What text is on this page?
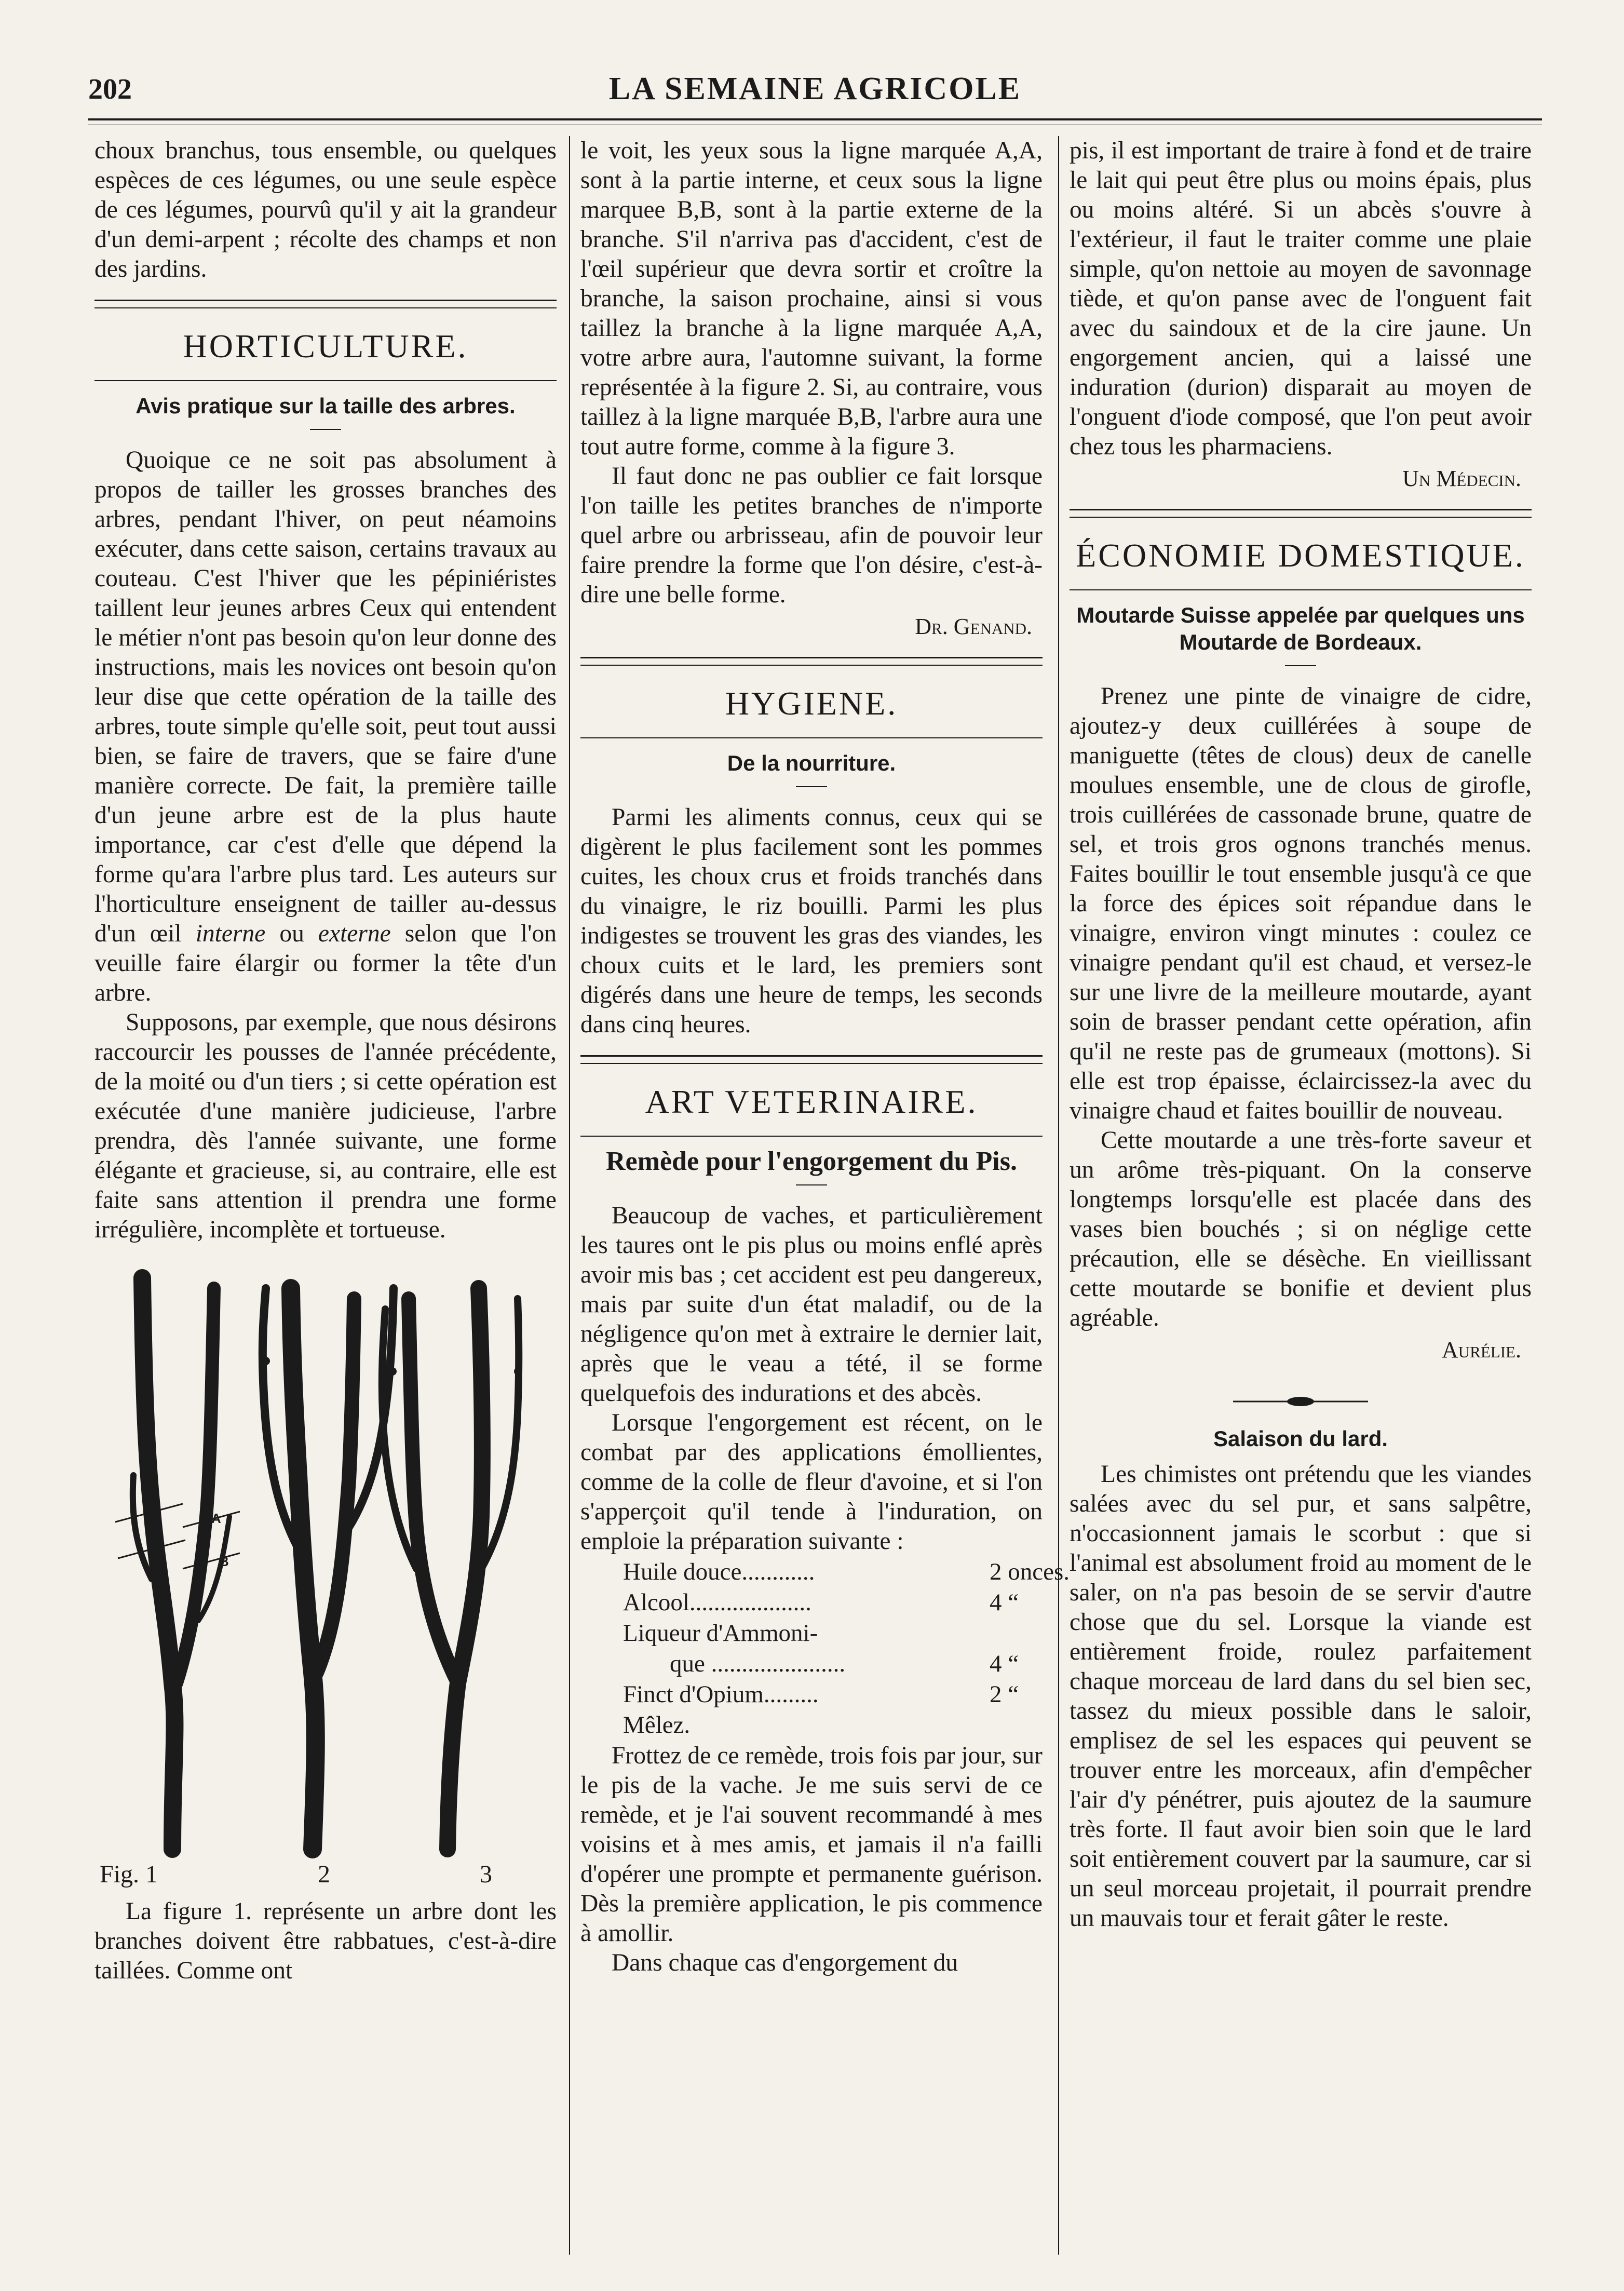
202	LA SEMAINE AGRICOLE

choux branchus, tous ensemble, ou quelques espèces de ces légumes, ou une seule espèce de ces légumes, pourvû qu'il y ait la grandeur d'un demi-arpent ; récolte des champs et non des jardins.

HORTICULTURE.
Avis pratique sur la taille des arbres.

Quoique ce ne soit pas absolument à propos de tailler les grosses branches des arbres, pendant l'hiver, on peut néamoins exécuter, dans cette saison, certains travaux au couteau. C'est l'hiver que les pépiniéristes taillent leur jeunes arbres Ceux qui entendent le métier n'ont pas besoin qu'on leur donne des instructions, mais les novices ont besoin qu'on leur dise que cette opération de la taille des arbres, toute simple qu'elle soit, peut tout aussi bien, se faire de travers, que se faire d'une manière correcte. De fait, la première taille d'un jeune arbre est de la plus haute importance, car c'est d'elle que dépend la forme qu'ara l'arbre plus tard. Les auteurs sur l'horticulture enseignent de tailler au-dessus d'un œil interne ou externe selon que l'on veuille faire élargir ou former la tête d'un arbre.

Supposons, par exemple, que nous désirons raccourcir les pousses de l'année précédente, de la moité ou d'un tiers ; si cette opération est exécutée d'une manière judicieuse, l'arbre prendra, dès l'année suivante, une forme élégante et gracieuse, si, au contraire, elle est faite sans attention il prendra une forme irrégulière, incomplète et tortueuse.

A
A
B
B
Fig. 1	2	3

La figure 1. représente un arbre dont les branches doivent être rabbatues, c'est-à-dire taillées. Comme ont

le voit, les yeux sous la ligne marquée A,A, sont à la partie interne, et ceux sous la ligne marquee B,B, sont à la partie externe de la branche. S'il n'arriva pas d'accident, c'est de l'œil supérieur que devra sortir et croître la branche, la saison prochaine, ainsi si vous taillez la branche à la ligne marquée A,A, votre arbre aura, l'automne suivant, la forme représentée à la figure 2. Si, au contraire, vous taillez à la ligne marquée B,B, l'arbre aura une tout autre forme, comme à la figure 3.

Il faut donc ne pas oublier ce fait lorsque l'on taille les petites branches de n'importe quel arbre ou arbrisseau, afin de pouvoir leur faire prendre la forme que l'on désire, c'est-à-dire une belle forme.

Dr. Genand.
HYGIENE.
De la nourriture.

Parmi les aliments connus, ceux qui se digèrent le plus facilement sont les pommes cuites, les choux crus et froids tranchés dans du vinaigre, le riz bouilli. Parmi les plus indigestes se trouvent les gras des viandes, les choux cuits et le lard, les premiers sont digérés dans une heure de temps, les seconds dans cinq heures.

ART VETERINAIRE.
Remède pour l'engorgement du Pis.

Beaucoup de vaches, et particulièrement les taures ont le pis plus ou moins enflé après avoir mis bas ; cet accident est peu dangereux, mais par suite d'un état maladif, ou de la négligence qu'on met à extraire le dernier lait, après que le veau a tété, il se forme quelquefois des indurations et des abcès.

Lorsque l'engorgement est récent, on le combat par des applications émollientes, comme de la colle de fleur d'avoine, et si l'on s'apperçoit qu'il tende à l'induration, on emploie la préparation suivante :

Huile douce............	2 onces.
Alcool....................	4 “
Liqueur d'Ammoni-	
que ......................	4 “
Finct d'Opium.........	2 “
Mêlez.	

Frottez de ce remède, trois fois par jour, sur le pis de la vache. Je me suis servi de ce remède, et je l'ai souvent recommandé à mes voisins et à mes amis, et jamais il n'a failli d'opérer une prompte et permanente guérison. Dès la première application, le pis commence à amollir.

Dans chaque cas d'engorgement du

pis, il est important de traire à fond et de traire le lait qui peut être plus ou moins épais, plus ou moins altéré. Si un abcès s'ouvre à l'extérieur, il faut le traiter comme une plaie simple, qu'on nettoie au moyen de savonnage tiède, et qu'on panse avec de l'onguent fait avec du saindoux et de la cire jaune. Un engorgement ancien, qui a laissé une induration (durion) disparait au moyen de l'onguent d'iode composé, que l'on peut avoir chez tous les pharmaciens.

Un Médecin.
ÉCONOMIE DOMESTIQUE.
Moutarde Suisse appelée par quelques uns Moutarde de Bordeaux.

Prenez une pinte de vinaigre de cidre, ajoutez-y deux cuillérées à soupe de maniguette (têtes de clous) deux de canelle moulues ensemble, une de clous de girofle, trois cuillérées de cassonade brune, quatre de sel, et trois gros ognons tranchés menus. Faites bouillir le tout ensemble jusqu'à ce que la force des épices soit répandue dans le vinaigre, environ vingt minutes : coulez ce vinaigre pendant qu'il est chaud, et versez-le sur une livre de la meilleure moutarde, ayant soin de brasser pendant cette opération, afin qu'il ne reste pas de grumeaux (mottons). Si elle est trop épaisse, éclaircissez-la avec du vinaigre chaud et faites bouillir de nouveau.

Cette moutarde a une très-forte saveur et un arôme très-piquant. On la conserve longtemps lorsqu'elle est placée dans des vases bien bouchés ; si on néglige cette précaution, elle se désèche. En vieillissant cette moutarde se bonifie et devient plus agréable.

Aurélie.
Salaison du lard.

Les chimistes ont prétendu que les viandes salées avec du sel pur, et sans salpêtre, n'occasionnent jamais le scorbut : que si l'animal est absolument froid au moment de le saler, on n'a pas besoin de se servir d'autre chose que du sel. Lorsque la viande est entièrement froide, roulez parfaitement chaque morceau de lard dans du sel bien sec, tassez du mieux possible dans le saloir, emplisez de sel les espaces qui peuvent se trouver entre les morceaux, afin d'empêcher l'air d'y pénétrer, puis ajoutez de la saumure très forte. Il faut avoir bien soin que le lard soit entièrement couvert par la saumure, car si un seul morceau projetait, il pourrait prendre un mauvais tour et ferait gâter le reste.
